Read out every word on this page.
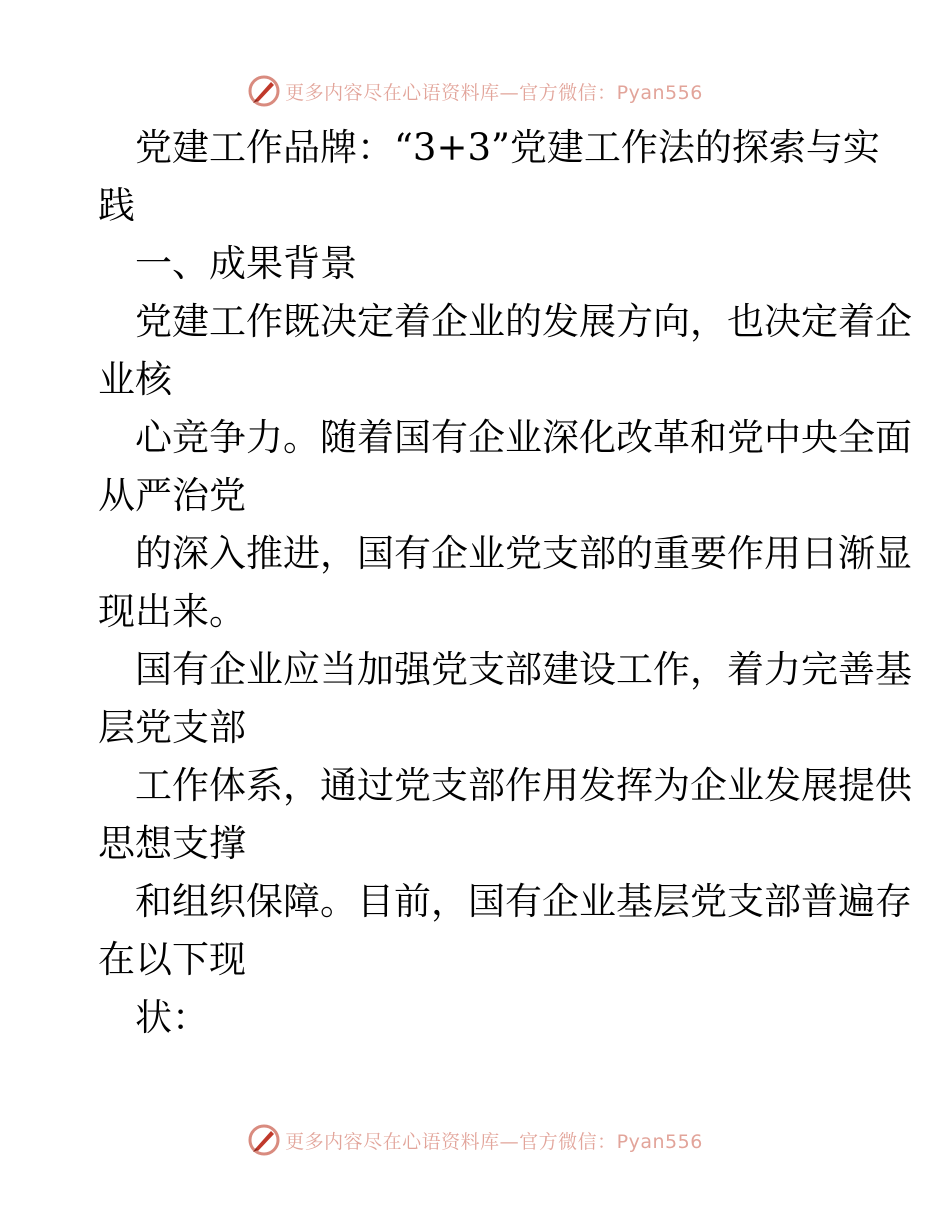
更多内容尽在心语资料库—官方微信：Pyan556
党建工作品牌：“3+3”党建工作法的探索与实
践
一、成果背景
党建工作既决定着企业的发展方向，也决定着企
业核
心竞争力。随着国有企业深化改革和党中央全面
从严治党
的深入推进，国有企业党支部的重要作用日渐显
现出来。
国有企业应当加强党支部建设工作，着力完善基
层党支部
工作体系，通过党支部作用发挥为企业发展提供
思想支撑
和组织保障。目前，国有企业基层党支部普遍存
在以下现
状：
更多内容尽在心语资料库—官方微信：Pyan556
